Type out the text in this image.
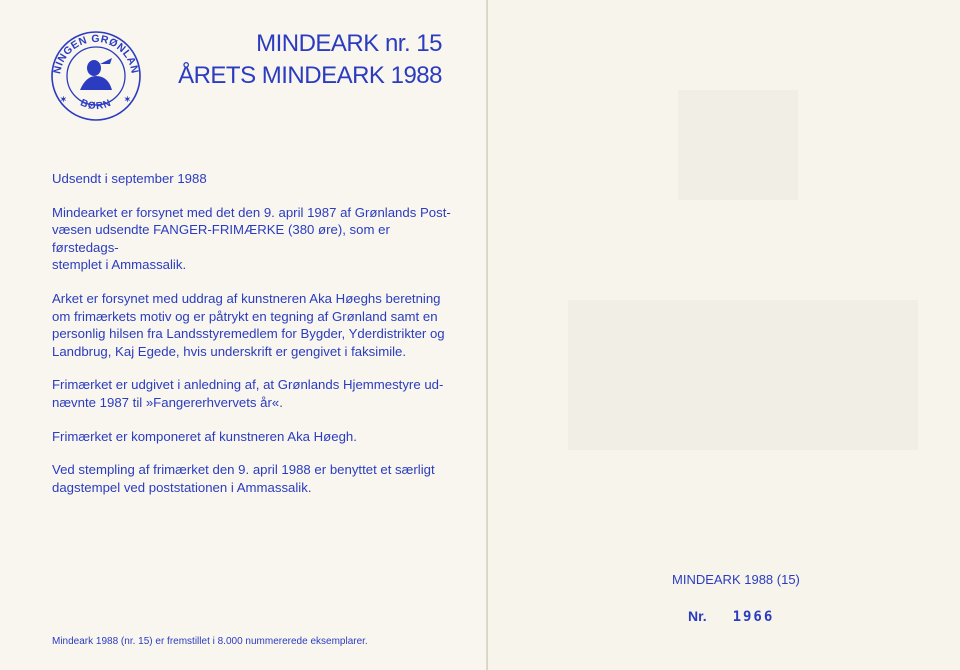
NINGEN GRØNLAN
BØRN
✶	✶
MINDEARK nr. 15
ÅRETS MINDEARK 1988

Udsendt i september 1988

Mindearket er forsynet med det den 9. april 1987 af Grønlands Post-
væsen udsendte FANGER-FRIMÆRKE (380 øre), som er førstedags-
stemplet i Ammassalik.

Arket er forsynet med uddrag af kunstneren Aka Høeghs beretning
om frimærkets motiv og er påtrykt en tegning af Grønland samt en
personlig hilsen fra Landsstyremedlem for Bygder, Yderdistrikter og
Landbrug, Kaj Egede, hvis underskrift er gengivet i faksimile.

Frimærket er udgivet i anledning af, at Grønlands Hjemmestyre ud-
nævnte 1987 til »Fangererhvervets år«.

Frimærket er komponeret af kunstneren Aka Høegh.

Ved stempling af frimærket den 9. april 1988 er benyttet et særligt
dagstempel ved poststationen i Ammassalik.

Mindeark 1988 (nr. 15) er fremstillet i 8.000 nummererede eksemplarer.
MINDEARK 1988 (15)
Nr. 1966
